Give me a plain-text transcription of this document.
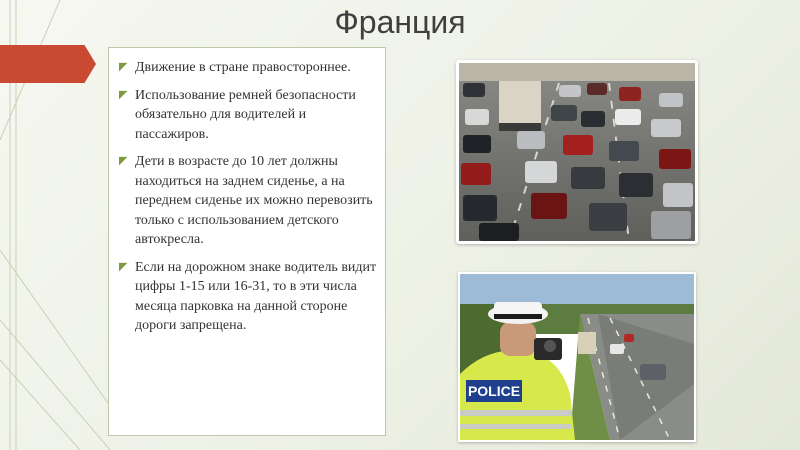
Франция
◤ Движение в стране правостороннее.
◤ Использование ремней безопасности обязательно для водителей и пассажиров.
◤ Дети в возрасте до 10 лет должны находиться на заднем сиденье, а на переднем сиденье их можно перевозить только с использованием детского автокресла.
◤ Если на дорожном знаке водитель видит цифры 1-15 или 16-31, то в эти числа месяца парковка на данной стороне дороги запрещена.
POLICE
